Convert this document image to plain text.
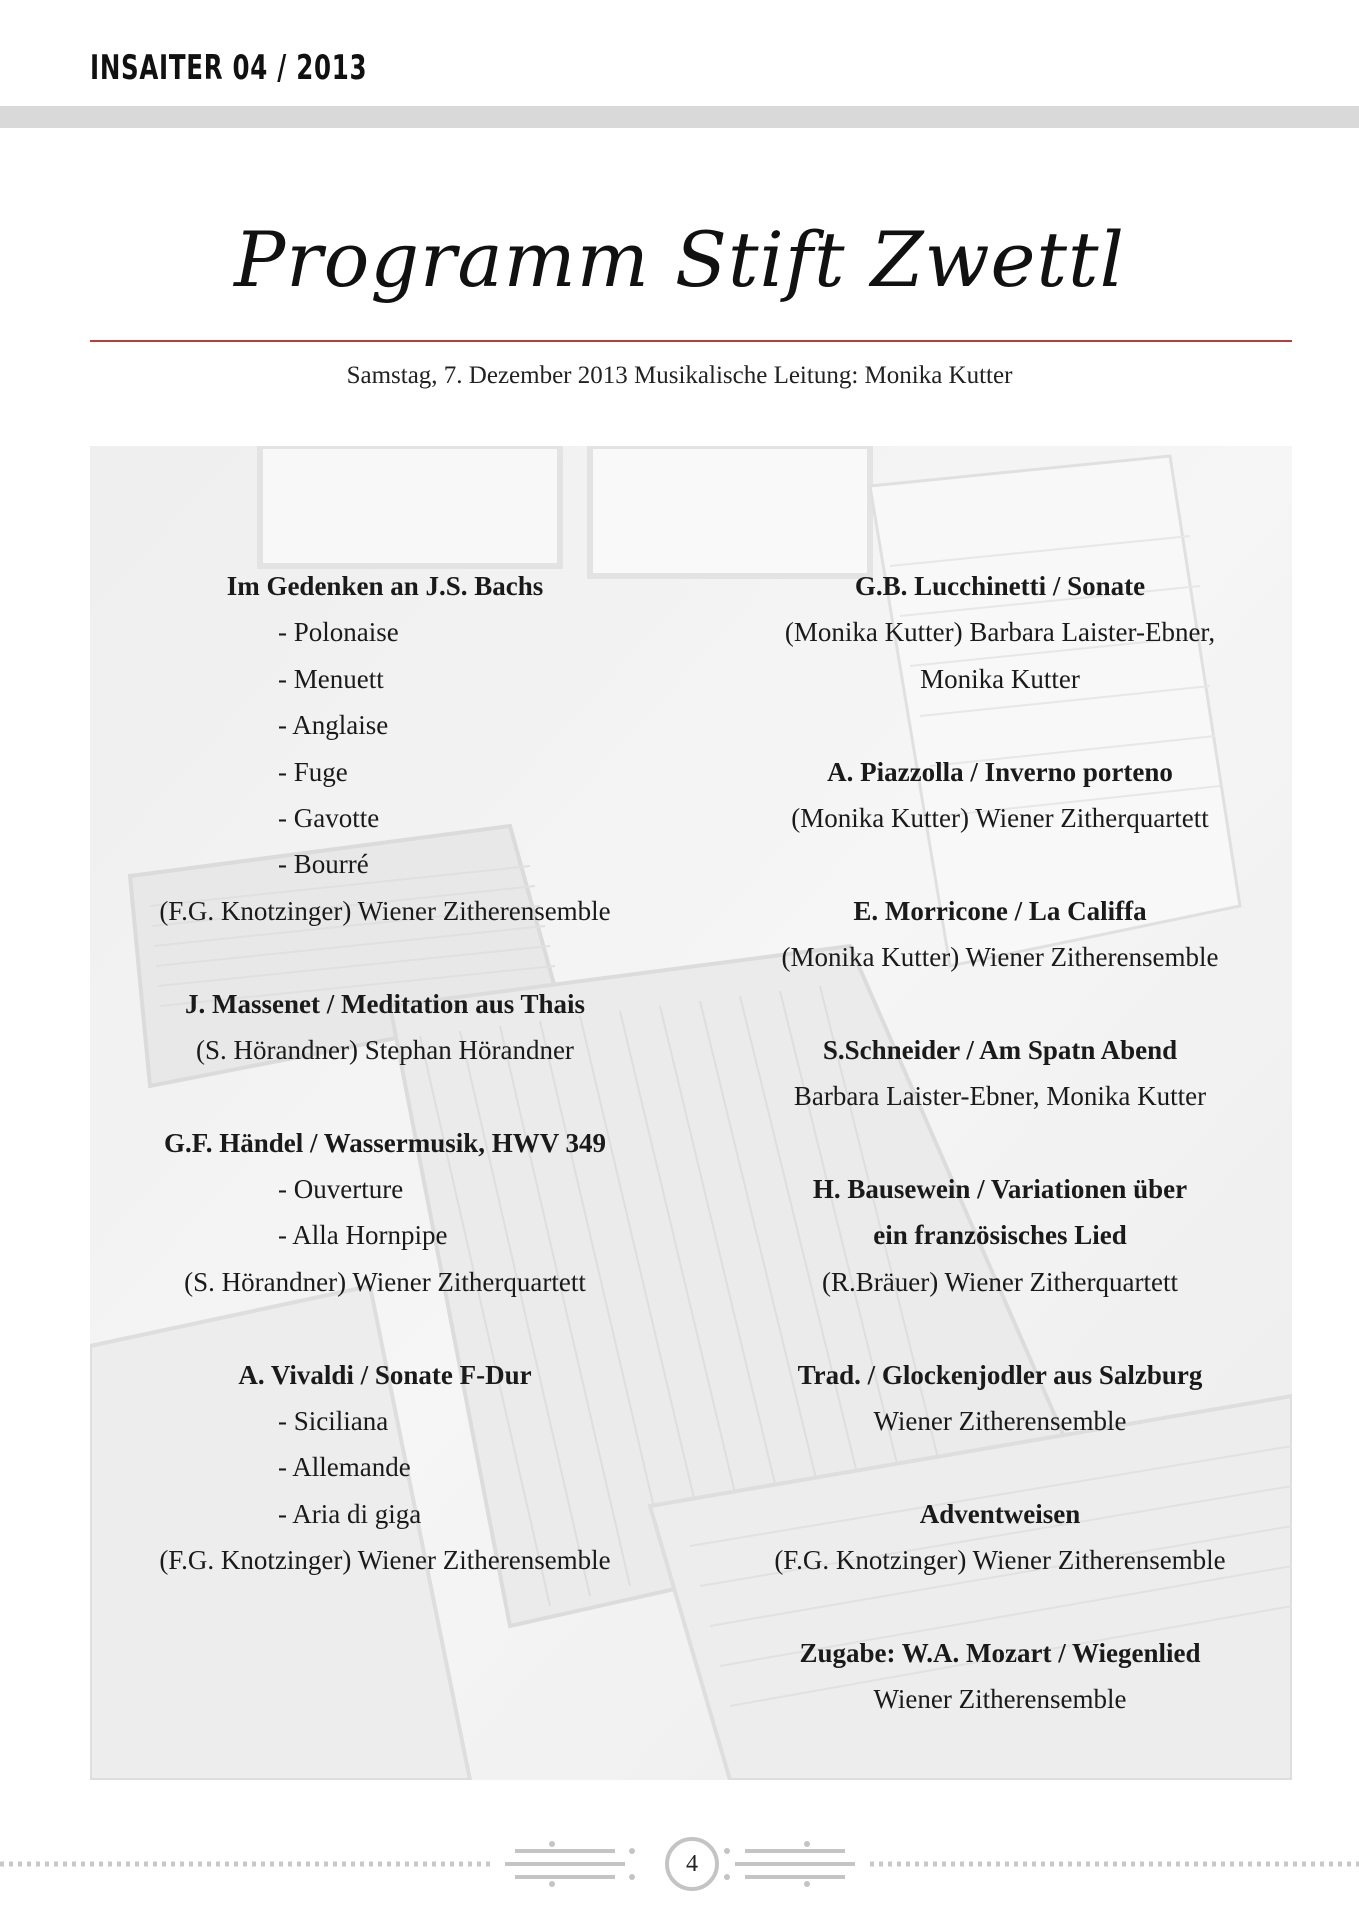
INSAITER 04 / 2013
Programm Stift Zwettl
Samstag, 7. Dezember 2013 Musikalische Leitung: Monika Kutter
Im Gedenken an J.S. Bachs
- Polonaise
- Menuett
- Anglaise
- Fuge
- Gavotte
- Bourré
(F.G. Knotzinger) Wiener Zitherensemble
J. Massenet / Meditation aus Thais
(S. Hörandner) Stephan Hörandner
G.F. Händel / Wassermusik, HWV 349
- Ouverture
- Alla Hornpipe
(S. Hörandner) Wiener Zitherquartett
A. Vivaldi / Sonate F-Dur
- Siciliana
- Allemande
- Aria di giga
(F.G. Knotzinger) Wiener Zitherensemble
G.B. Lucchinetti / Sonate
(Monika Kutter) Barbara Laister-Ebner,
Monika Kutter
A. Piazzolla / Inverno porteno
(Monika Kutter) Wiener Zitherquartett
E. Morricone / La Califfa
(Monika Kutter) Wiener Zitherensemble
S.Schneider / Am Spatn Abend
Barbara Laister-Ebner, Monika Kutter
H. Bausewein / Variationen über
ein französisches Lied
(R.Bräuer) Wiener Zitherquartett
Trad. / Glockenjodler aus Salzburg
Wiener Zitherensemble
Adventweisen
(F.G. Knotzinger) Wiener Zitherensemble
Zugabe: W.A. Mozart / Wiegenlied
Wiener Zitherensemble
4
